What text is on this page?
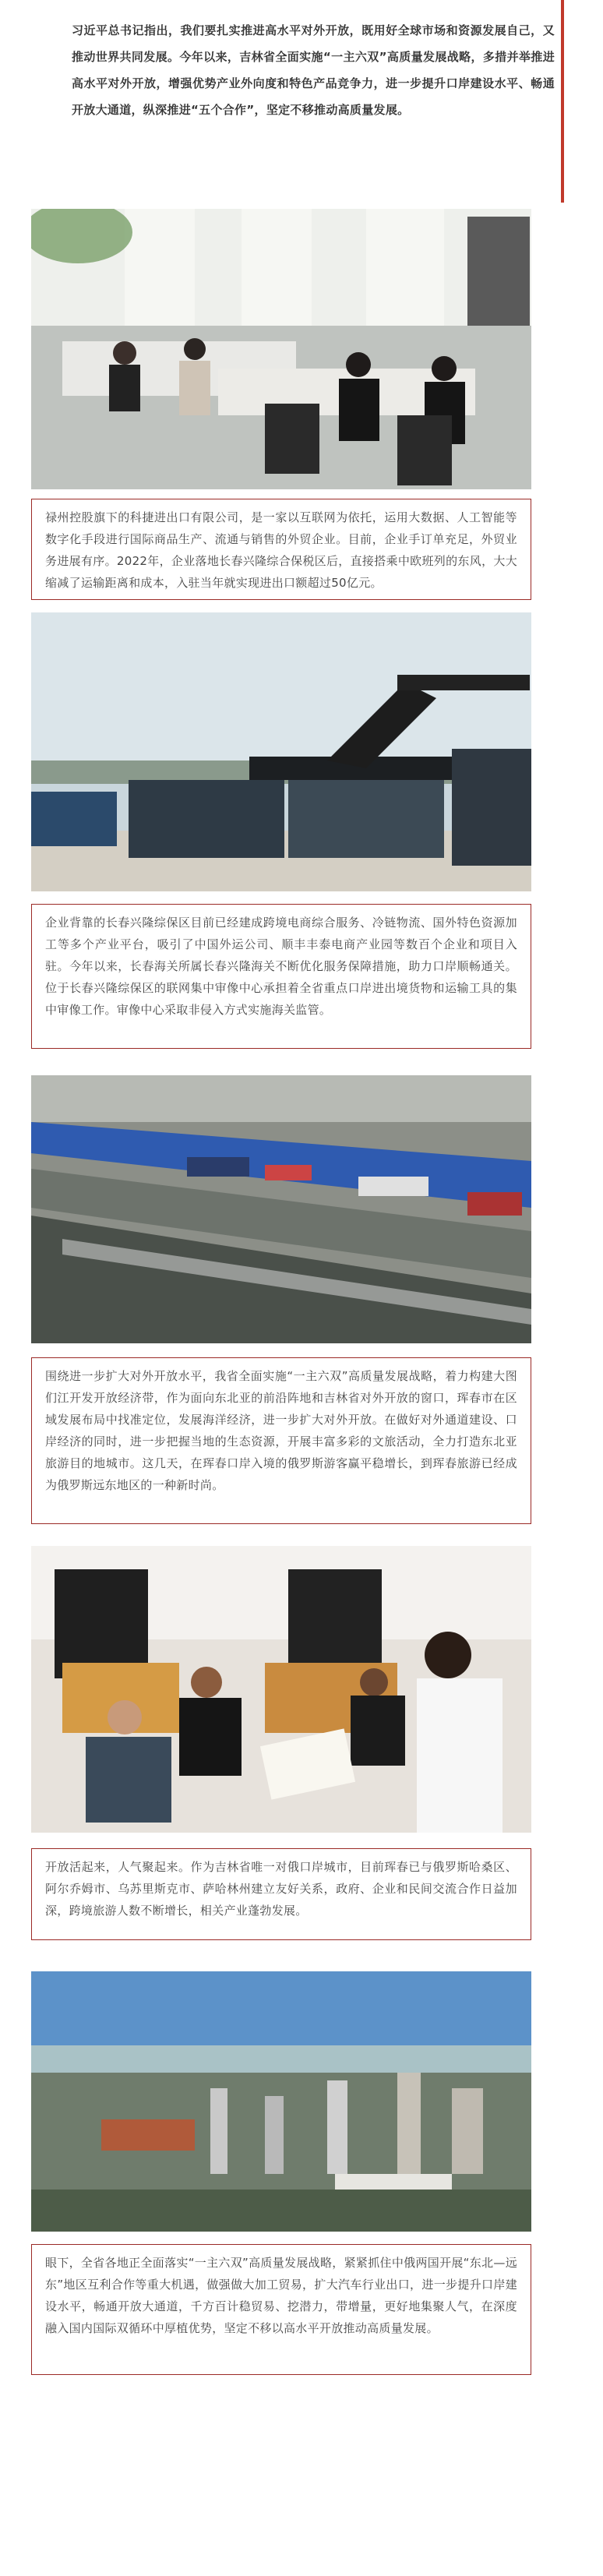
习近平总书记指出，我们要扎实推进高水平对外开放，既用好全球市场和资源发展自己，又推动世界共同发展。今年以来，吉林省全面实施“一主六双”高质量发展战略，多措并举推进高水平对外开放，增强优势产业外向度和特色产品竞争力，进一步提升口岸建设水平、畅通开放大通道，纵深推进“五个合作”，坚定不移推动高质量发展。

禄州控股旗下的科捷进出口有限公司，是一家以互联网为依托，运用大数据、人工智能等数字化手段进行国际商品生产、流通与销售的外贸企业。目前，企业手订单充足，外贸业务进展有序。2022年，企业落地长春兴隆综合保税区后，直接搭乘中欧班列的东风，大大缩减了运输距离和成本，入驻当年就实现进出口额超过50亿元。

企业背靠的长春兴隆综保区目前已经建成跨境电商综合服务、冷链物流、国外特色资源加工等多个产业平台，吸引了中国外运公司、顺丰丰泰电商产业园等数百个企业和项目入驻。今年以来，长春海关所属长春兴隆海关不断优化服务保障措施，助力口岸顺畅通关。位于长春兴隆综保区的联网集中审像中心承担着全省重点口岸进出境货物和运输工具的集中审像工作。审像中心采取非侵入方式实施海关监管。

围绕进一步扩大对外开放水平，我省全面实施“一主六双”高质量发展战略，着力构建大图们江开发开放经济带，作为面向东北亚的前沿阵地和吉林省对外开放的窗口，珲春市在区域发展布局中找准定位，发展海洋经济，进一步扩大对外开放。在做好对外通道建设、口岸经济的同时，进一步把握当地的生态资源，开展丰富多彩的文旅活动，全力打造东北亚旅游目的地城市。这几天，在珲春口岸入境的俄罗斯游客赢平稳增长，到珲春旅游已经成为俄罗斯远东地区的一种新时尚。

开放活起来，人气聚起来。作为吉林省唯一对俄口岸城市，目前珲春已与俄罗斯哈桑区、阿尔乔姆市、乌苏里斯克市、萨哈林州建立友好关系，政府、企业和民间交流合作日益加深，跨境旅游人数不断增长，相关产业蓬勃发展。

眼下，全省各地正全面落实“一主六双”高质量发展战略，紧紧抓住中俄两国开展“东北—远东”地区互利合作等重大机遇，做强做大加工贸易，扩大汽车行业出口，进一步提升口岸建设水平，畅通开放大通道，千方百计稳贸易、挖潜力，带增量，更好地集聚人气，在深度融入国内国际双循环中厚植优势，坚定不移以高水平开放推动高质量发展。
